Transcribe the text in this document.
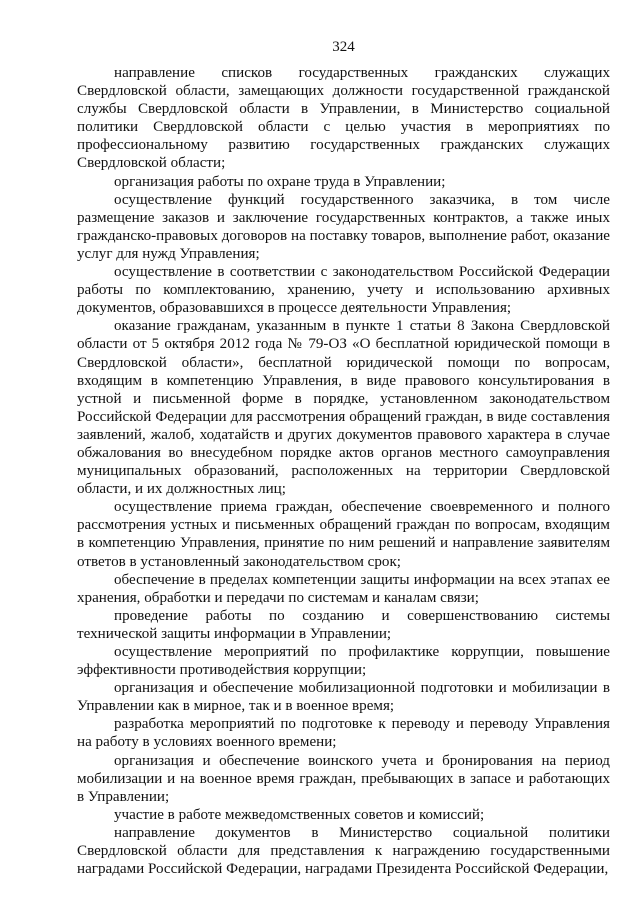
324

направление списков государственных гражданских служащих Свердловской области, замещающих должности государственной гражданской службы Свердловской области в Управлении, в Министерство социальной политики Свердловской области с целью участия в мероприятиях по профессиональному развитию государственных гражданских служащих Свердловской области;

организация работы по охране труда в Управлении;

осуществление функций государственного заказчика, в том числе размещение заказов и заключение государственных контрактов, а также иных гражданско-правовых договоров на поставку товаров, выполнение работ, оказание услуг для нужд Управления;

осуществление в соответствии с законодательством Российской Федерации работы по комплектованию, хранению, учету и использованию архивных документов, образовавшихся в процессе деятельности Управления;

оказание гражданам, указанным в пункте 1 статьи 8 Закона Свердловской области от 5 октября 2012 года № 79-ОЗ «О бесплатной юридической помощи в Свердловской области», бесплатной юридической помощи по вопросам, входящим в компетенцию Управления, в виде правового консультирования в устной и письменной форме в порядке, установленном законодательством Российской Федерации для рассмотрения обращений граждан, в виде составления заявлений, жалоб, ходатайств и других документов правового характера в случае обжалования во внесудебном порядке актов органов местного самоуправления муниципальных образований, расположенных на территории Свердловской области, и их должностных лиц;

осуществление приема граждан, обеспечение своевременного и полного рассмотрения устных и письменных обращений граждан по вопросам, входящим в компетенцию Управления, принятие по ним решений и направление заявителям ответов в установленный законодательством срок;

обеспечение в пределах компетенции защиты информации на всех этапах ее хранения, обработки и передачи по системам и каналам связи;

проведение работы по созданию и совершенствованию системы технической защиты информации в Управлении;

осуществление мероприятий по профилактике коррупции, повышение эффективности противодействия коррупции;

организация и обеспечение мобилизационной подготовки и мобилизации в Управлении как в мирное, так и в военное время;

разработка мероприятий по подготовке к переводу и переводу Управления на работу в условиях военного времени;

организация и обеспечение воинского учета и бронирования на период мобилизации и на военное время граждан, пребывающих в запасе и работающих в Управлении;

участие в работе межведомственных советов и комиссий;

направление документов в Министерство социальной политики Свердловской области для представления к награждению государственными наградами Российской Федерации, наградами Президента Российской Федерации,
